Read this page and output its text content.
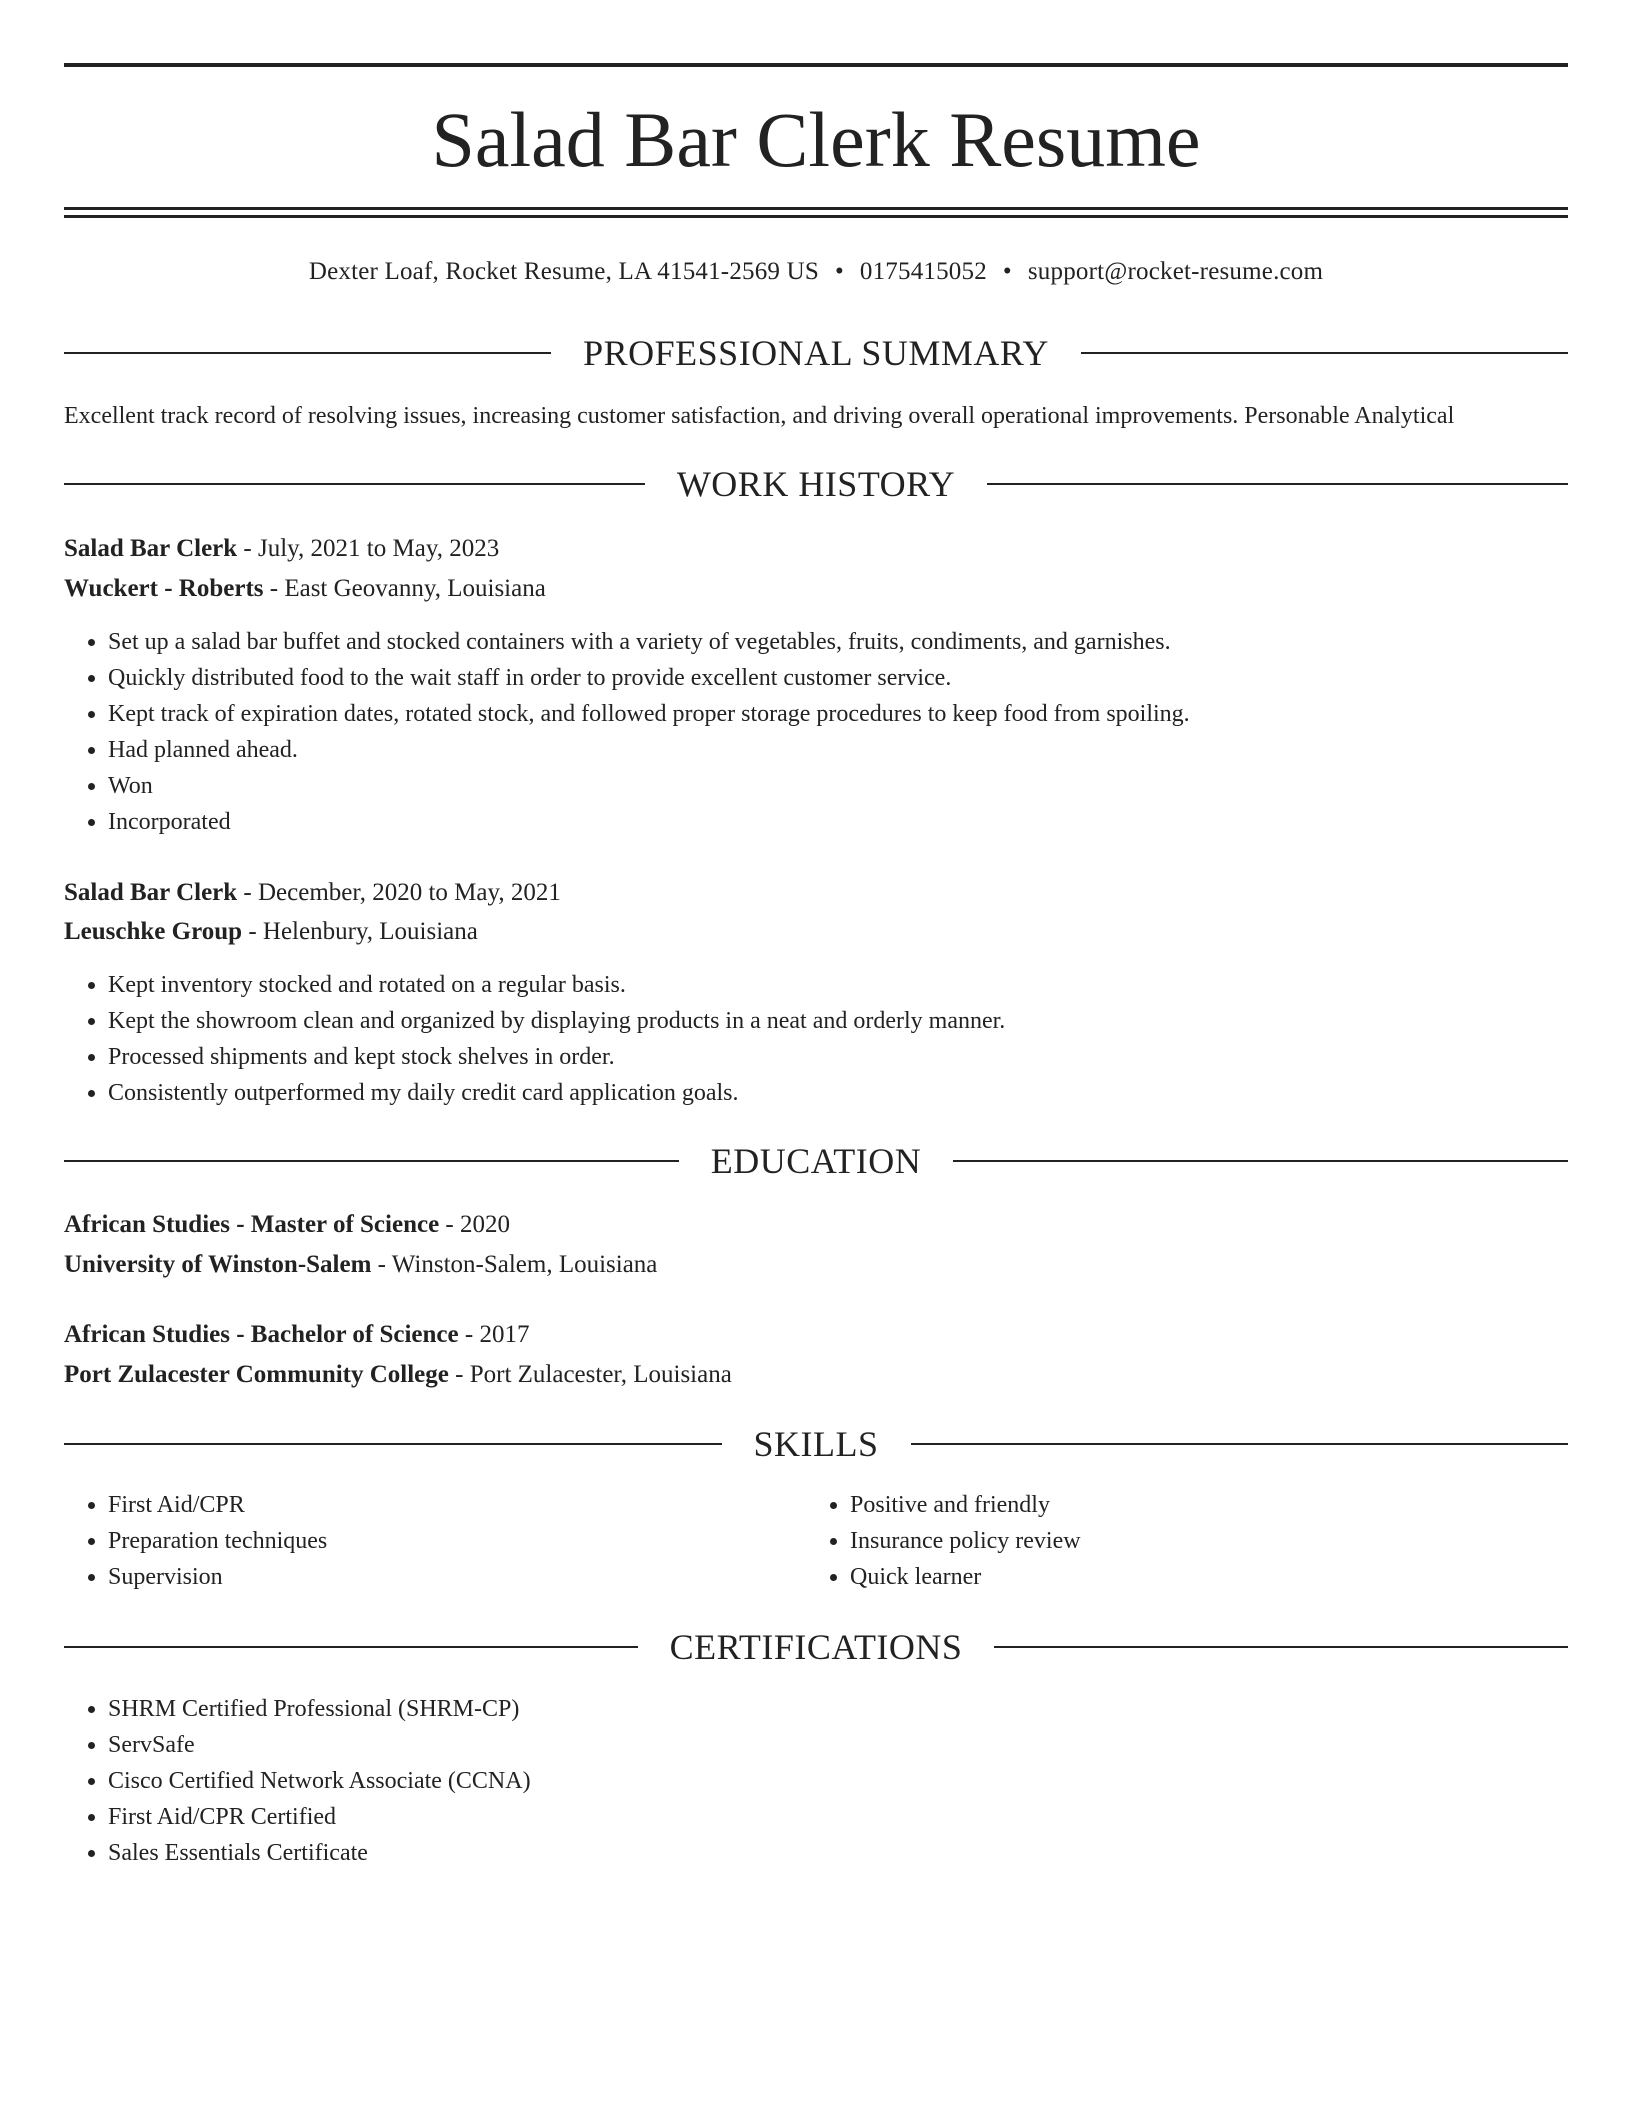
Salad Bar Clerk Resume
Dexter Loaf, Rocket Resume, LA 41541-2569 US • 0175415052 • support@rocket-resume.com
PROFESSIONAL SUMMARY

Excellent track record of resolving issues, increasing customer satisfaction, and driving overall operational improvements. Personable Analytical

WORK HISTORY
Salad Bar Clerk - July, 2021 to May, 2023
Wuckert - Roberts - East Geovanny, Louisiana
• Set up a salad bar buffet and stocked containers with a variety of vegetables, fruits, condiments, and garnishes.
• Quickly distributed food to the wait staff in order to provide excellent customer service.
• Kept track of expiration dates, rotated stock, and followed proper storage procedures to keep food from spoiling.
• Had planned ahead.
• Won
• Incorporated
Salad Bar Clerk - December, 2020 to May, 2021
Leuschke Group - Helenbury, Louisiana
• Kept inventory stocked and rotated on a regular basis.
• Kept the showroom clean and organized by displaying products in a neat and orderly manner.
• Processed shipments and kept stock shelves in order.
• Consistently outperformed my daily credit card application goals.
EDUCATION
African Studies - Master of Science - 2020
University of Winston-Salem - Winston-Salem, Louisiana
African Studies - Bachelor of Science - 2017
Port Zulacester Community College - Port Zulacester, Louisiana
SKILLS
• First Aid/CPR
• Preparation techniques
• Supervision
• Positive and friendly
• Insurance policy review
• Quick learner
CERTIFICATIONS
• SHRM Certified Professional (SHRM-CP)
• ServSafe
• Cisco Certified Network Associate (CCNA)
• First Aid/CPR Certified
• Sales Essentials Certificate
